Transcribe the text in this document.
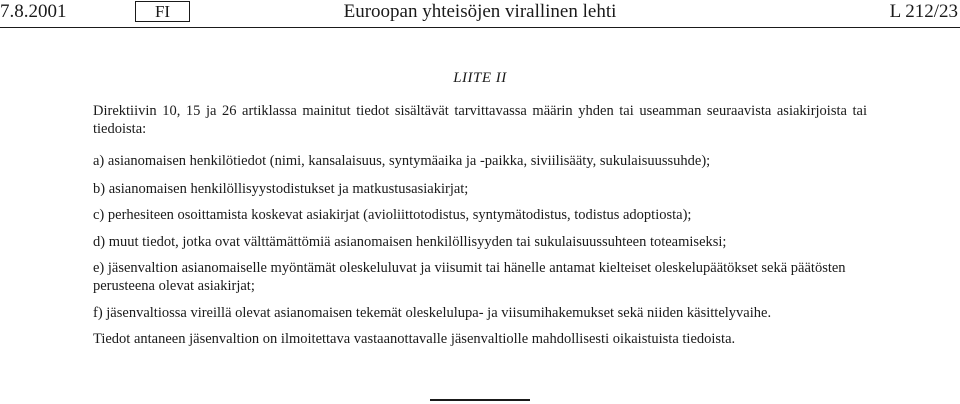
Euroopan yhteisöjen virallinen lehti
7.8.2001	FI	L 212/23
LIITE II
Direktiivin 10, 15 ja 26 artiklassa mainitut tiedot sisältävät tarvittavassa määrin yhden tai useamman seuraavista asiakirjoista tai tiedoista:
a) asianomaisen henkilötiedot (nimi, kansalaisuus, syntymäaika ja -paikka, siviilisääty, sukulaisuussuhde);
b) asianomaisen henkilöllisyystodistukset ja matkustusasiakirjat;
c) perhesiteen osoittamista koskevat asiakirjat (avioliittotodistus, syntymätodistus, todistus adoptiosta);
d) muut tiedot, jotka ovat välttämättömiä asianomaisen henkilöllisyyden tai sukulaisuussuhteen toteamiseksi;
e) jäsenvaltion asianomaiselle myöntämät oleskeluluvat ja viisumit tai hänelle antamat kielteiset oleskelupäätökset sekä päätösten perusteena olevat asiakirjat;
f) jäsenvaltiossa vireillä olevat asianomaisen tekemät oleskelulupa- ja viisumihakemukset sekä niiden käsittelyvaihe.
Tiedot antaneen jäsenvaltion on ilmoitettava vastaanottavalle jäsenvaltiolle mahdollisesti oikaistuista tiedoista.
